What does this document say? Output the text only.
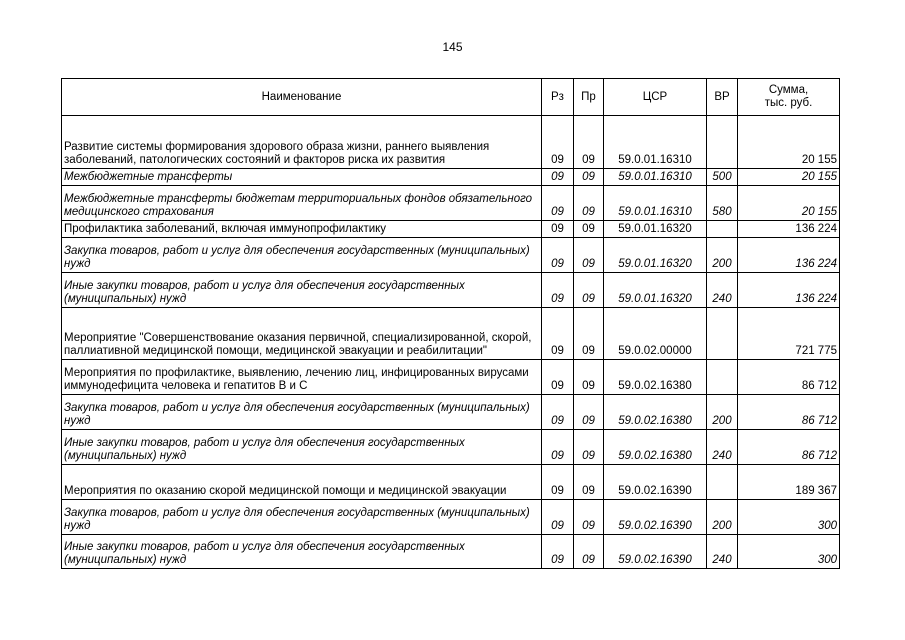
145
Наименование	Рз	Пр	ЦСР	ВР	Сумма,
тыс. руб.

Развитие системы формирования здорового образа жизни, раннего выявления заболеваний, патологических состояний и факторов риска их развития	09	09	59.0.01.16310		20 155
Межбюджетные трансферты	09	09	59.0.01.16310	500	20 155
Межбюджетные трансферты бюджетам территориальных фондов обязательного медицинского страхования	09	09	59.0.01.16310	580	20 155
Профилактика заболеваний, включая иммунопрофилактику	09	09	59.0.01.16320		136 224
Закупка товаров, работ и услуг для обеспечения государственных (муниципальных) нужд	09	09	59.0.01.16320	200	136 224
Иные закупки товаров, работ и услуг для обеспечения государственных (муниципальных) нужд	09	09	59.0.01.16320	240	136 224
Мероприятие "Совершенствование оказания первичной, специализированной, скорой, паллиативной медицинской помощи, медицинской эвакуации и реабилитации"	09	09	59.0.02.00000		721 775
Мероприятия по профилактике, выявлению, лечению лиц, инфицированных вирусами иммунодефицита человека и гепатитов В и С	09	09	59.0.02.16380		86 712
Закупка товаров, работ и услуг для обеспечения государственных (муниципальных) нужд	09	09	59.0.02.16380	200	86 712
Иные закупки товаров, работ и услуг для обеспечения государственных (муниципальных) нужд	09	09	59.0.02.16380	240	86 712
Мероприятия по оказанию скорой медицинской помощи и медицинской эвакуации	09	09	59.0.02.16390		189 367
Закупка товаров, работ и услуг для обеспечения государственных (муниципальных) нужд	09	09	59.0.02.16390	200	300
Иные закупки товаров, работ и услуг для обеспечения государственных (муниципальных) нужд	09	09	59.0.02.16390	240	300
